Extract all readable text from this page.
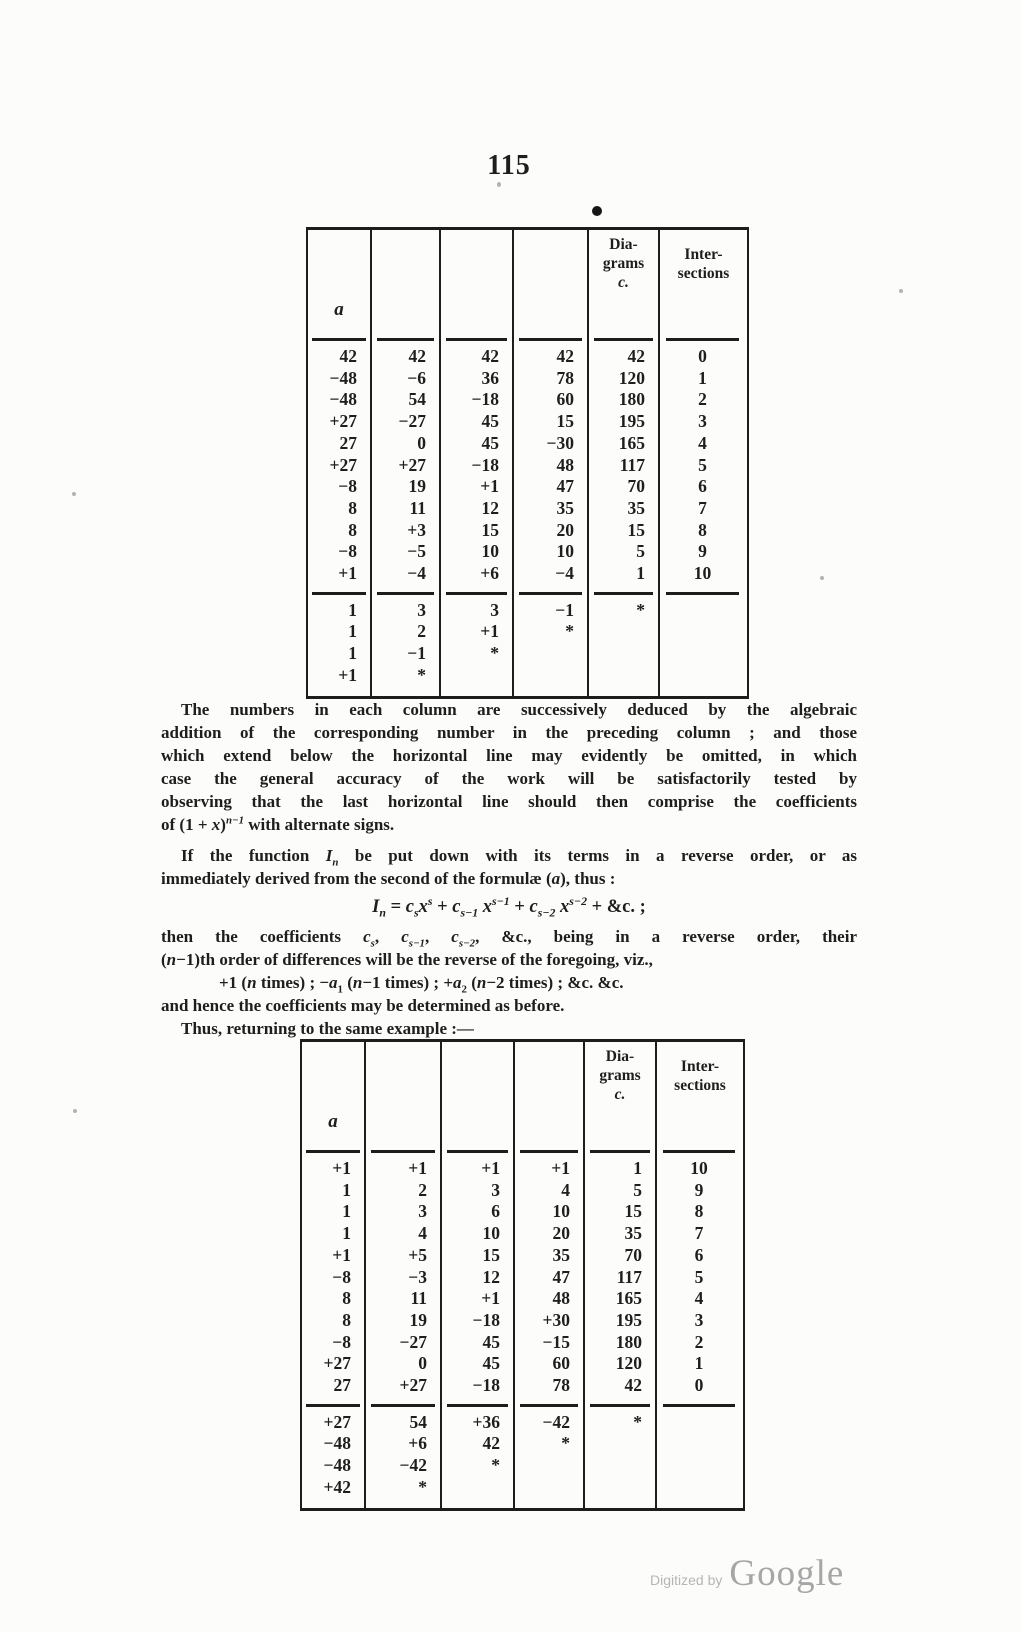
115
a				
Dia-
grams
c.

Inter-
sections

42	42	42	42	42	0
−48	−6	36	78	120	1
−48	54	−18	60	180	2
+27	−27	45	15	195	3
27	0	45	−30	165	4
+27	+27	−18	48	117	5
−8	19	+1	47	70	6
8	11	12	35	35	7
8	+3	15	20	15	8
−8	−5	10	10	5	9
+1	−4	+6	−4	1	10

1	3	3	−1	*	
1	2	+1	*		
1	−1	*			
+1	*				

The numbers in each column are successively deduced by the algebraic
addition of the corresponding number in the preceding column ; and those
which extend below the horizontal line may evidently be omitted, in which
case the general accuracy of the work will be satisfactorily tested by
observing that the last horizontal line should then comprise the coefficients
of $(1 + x)^{n-1}$ with alternate signs.
If the function $I_n$ be put down with its terms in a reverse order, or as
immediately derived from the second of the formulæ (a), thus :
$I_n = c_sx^s + c_{s-1}$ $x^{s-1} + c_{s-2}$ $x^{s-2}$ + &c. ;
then the coefficients $c_s$, $c_{s-1}$, $c_{s-2}$, &c., being in a reverse order, their
(n−1)th order of differences will be the reverse of the foregoing, viz.,
+1 (n times) ; $-a_1$ (n−1 times) ; $+a_2$ (n−2 times) ; &c. &c.
and hence the coefficients may be determined as before.
Thus, returning to the same example :—
a				
Dia-
grams
c.

Inter-
sections

+1	+1	+1	+1	1	10
1	2	3	4	5	9
1	3	6	10	15	8
1	4	10	20	35	7
+1	+5	15	35	70	6
−8	−3	12	47	117	5
8	11	+1	48	165	4
8	19	−18	+30	195	3
−8	−27	45	−15	180	2
+27	0	45	60	120	1
27	+27	−18	78	42	0

+27	54	+36	−42	*	
−48	+6	42	*		
−48	−42	*			
+42	*				

Digitized by Google
